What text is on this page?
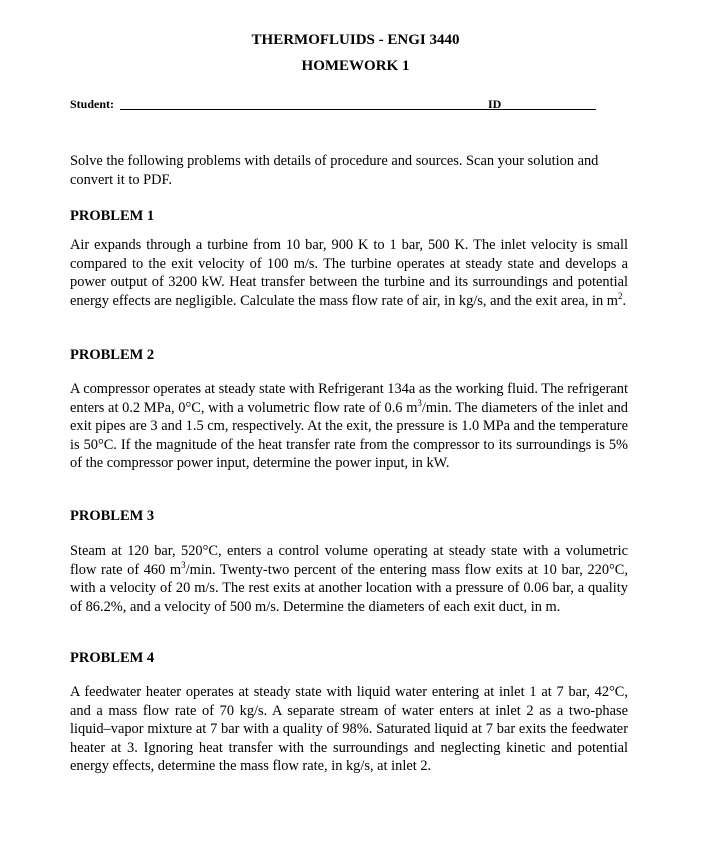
THERMOFLUIDS - ENGI 3440
HOMEWORK 1
Student:	ID

Solve the following problems with details of procedure and sources. Scan your solution and convert it to PDF.

PROBLEM 1

Air expands through a turbine from 10 bar, 900 K to 1 bar, 500 K. The inlet velocity is small compared to the exit velocity of 100 m/s. The turbine operates at steady state and develops a power output of 3200 kW. Heat transfer between the turbine and its surroundings and potential energy effects are negligible. Calculate the mass flow rate of air, in kg/s, and the exit area, in $m^2$.

PROBLEM 2

A compressor operates at steady state with Refrigerant 134a as the working fluid. The refrigerant enters at 0.2 MPa, 0°C, with a volumetric flow rate of 0.6 $m^3/\min$. The diameters of the inlet and exit pipes are 3 and 1.5 cm, respectively. At the exit, the pressure is 1.0 MPa and the temperature is 50°C. If the magnitude of the heat transfer rate from the compressor to its surroundings is 5% of the compressor power input, determine the power input, in kW.

PROBLEM 3

Steam at 120 bar, 520°C, enters a control volume operating at steady state with a volumetric flow rate of 460 $m^3/\min$. Twenty-two percent of the entering mass flow exits at 10 bar, 220°C, with a velocity of 20 m/s. The rest exits at another location with a pressure of 0.06 bar, a quality of 86.2%, and a velocity of 500 m/s. Determine the diameters of each exit duct, in m.

PROBLEM 4

A feedwater heater operates at steady state with liquid water entering at inlet 1 at 7 bar, 42°C, and a mass flow rate of 70 kg/s. A separate stream of water enters at inlet 2 as a two-phase liquid–vapor mixture at 7 bar with a quality of 98%. Saturated liquid at 7 bar exits the feedwater heater at 3. Ignoring heat transfer with the surroundings and neglecting kinetic and potential energy effects, determine the mass flow rate, in kg/s, at inlet 2.
